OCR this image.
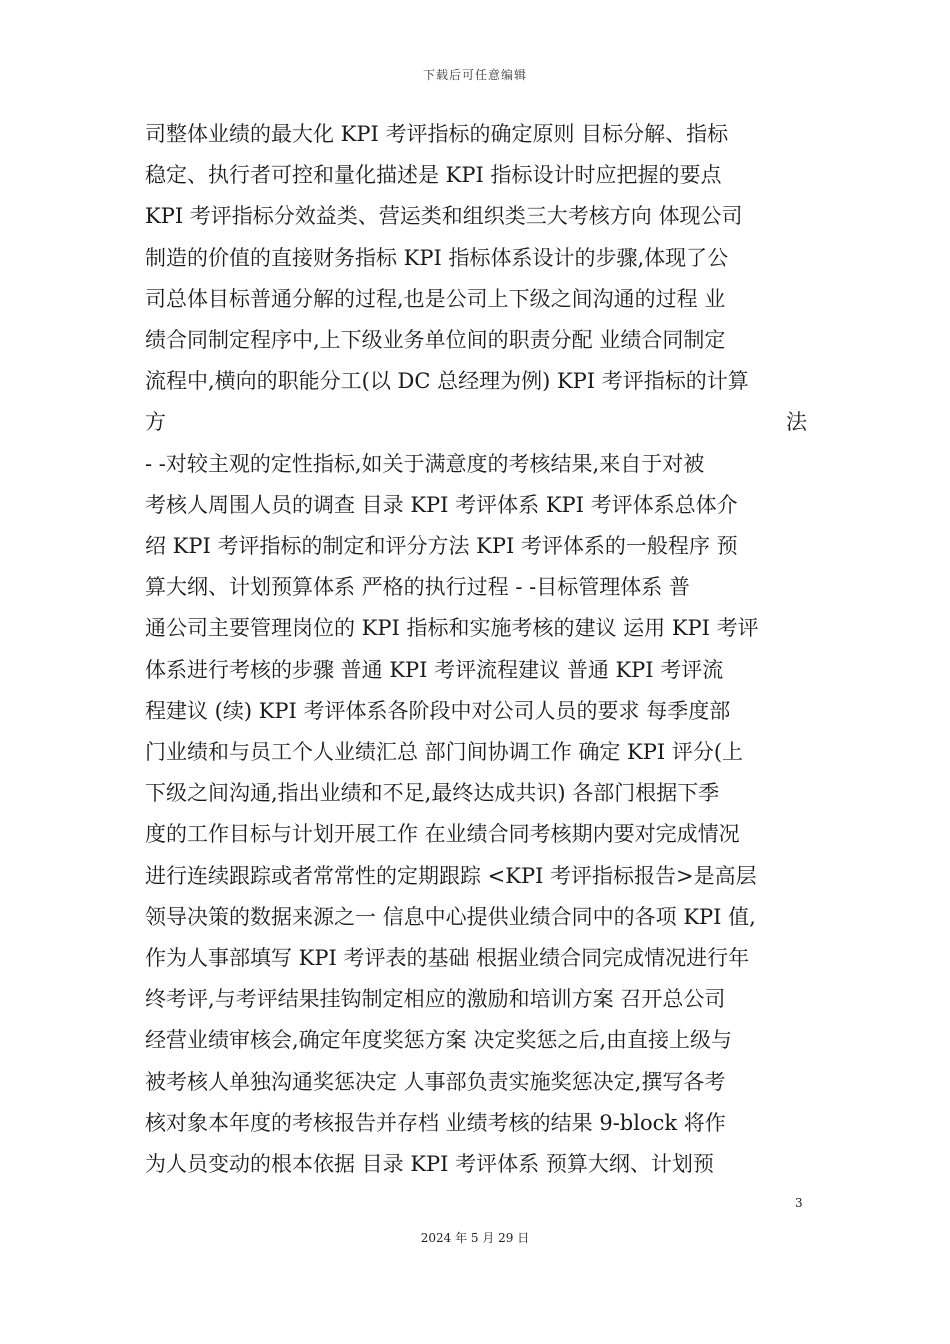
下载后可任意编辑
司整体业绩的最大化 KPI 考评指标的确定原则 目标分解、指标
稳定、执行者可控和量化描述是 KPI 指标设计时应把握的要点
KPI 考评指标分效益类、营运类和组织类三大考核方向 体现公司
制造的价值的直接财务指标 KPI 指标体系设计的步骤,体现了公
司总体目标普通分解的过程,也是公司上下级之间沟通的过程 业
绩合同制定程序中,上下级业务单位间的职责分配 业绩合同制定
流程中,横向的职能分工(以 DC 总经理为例) KPI 考评指标的计算
方 法
- -对较主观的定性指标,如关于满意度的考核结果,来自于对被
考核人周围人员的调查 目录 KPI 考评体系 KPI 考评体系总体介
绍 KPI 考评指标的制定和评分方法 KPI 考评体系的一般程序 预
算大纲、计划预算体系 严格的执行过程 - -目标管理体系 普
通公司主要管理岗位的 KPI 指标和实施考核的建议 运用 KPI 考评
体系进行考核的步骤 普通 KPI 考评流程建议 普通 KPI 考评流
程建议 (续) KPI 考评体系各阶段中对公司人员的要求 每季度部
门业绩和与员工个人业绩汇总 部门间协调工作 确定 KPI 评分(上
下级之间沟通,指出业绩和不足,最终达成共识) 各部门根据下季
度的工作目标与计划开展工作 在业绩合同考核期内要对完成情况
进行连续跟踪或者常常性的定期跟踪 <KPI 考评指标报告>是高层
领导决策的数据来源之一 信息中心提供业绩合同中的各项 KPI 值,
作为人事部填写 KPI 考评表的基础 根据业绩合同完成情况进行年
终考评,与考评结果挂钩制定相应的激励和培训方案 召开总公司
经营业绩审核会,确定年度奖惩方案 决定奖惩之后,由直接上级与
被考核人单独沟通奖惩决定 人事部负责实施奖惩决定,撰写各考
核对象本年度的考核报告并存档 业绩考核的结果 9-block 将作
为人员变动的根本依据 目录 KPI 考评体系 预算大纲、计划预
3
2024 年 5 月 29 日
